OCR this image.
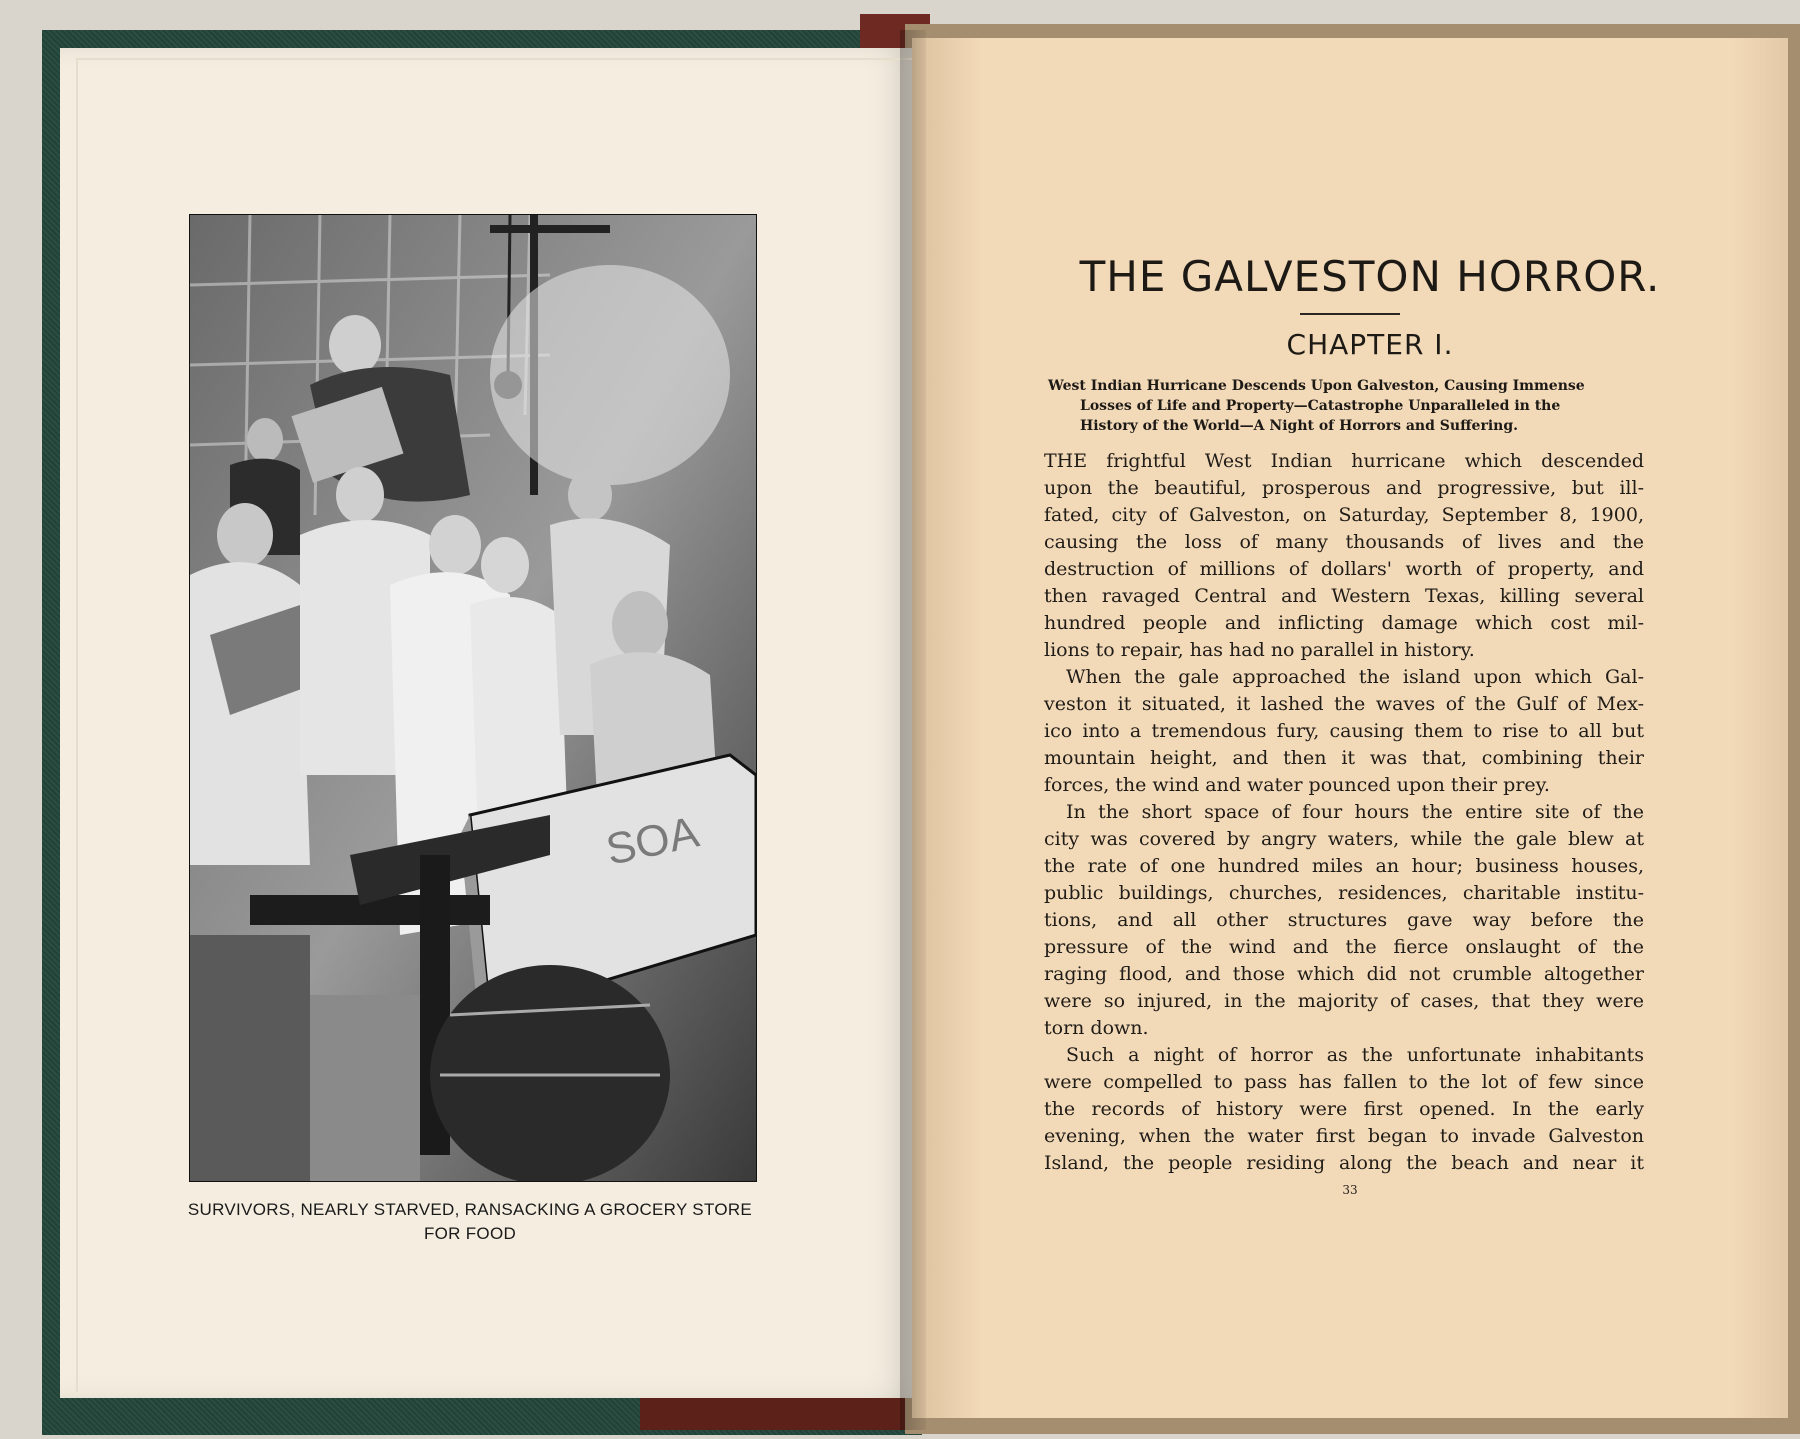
SOA
SURVIVORS, NEARLY STARVED, RANSACKING A GROCERY STORE
FOR FOOD
THE GALVESTON HORROR.
CHAPTER I.
West Indian Hurricane Descends Upon Galveston, Causing Immense
Losses of Life and Property—Catastrophe Unparalleled in the
History of the World—A Night of Horrors and Suffering.
THE frightful West Indian hurricane which descended
upon the beautiful, prosperous and progressive, but ill-
fated, city of Galveston, on Saturday, September 8, 1900,
causing the loss of many thousands of lives and the
destruction of millions of dollars' worth of property, and
then ravaged Central and Western Texas, killing several
hundred people and inflicting damage which cost mil-
lions to repair, has had no parallel in history.
When the gale approached the island upon which Gal-
veston it situated, it lashed the waves of the Gulf of Mex-
ico into a tremendous fury, causing them to rise to all but
mountain height, and then it was that, combining their
forces, the wind and water pounced upon their prey.
In the short space of four hours the entire site of the
city was covered by angry waters, while the gale blew at
the rate of one hundred miles an hour; business houses,
public buildings, churches, residences, charitable institu-
tions, and all other structures gave way before the
pressure of the wind and the fierce onslaught of the
raging flood, and those which did not crumble altogether
were so injured, in the majority of cases, that they were
torn down.
Such a night of horror as the unfortunate inhabitants
were compelled to pass has fallen to the lot of few since
the records of history were first opened. In the early
evening, when the water first began to invade Galveston
Island, the people residing along the beach and near it
33
